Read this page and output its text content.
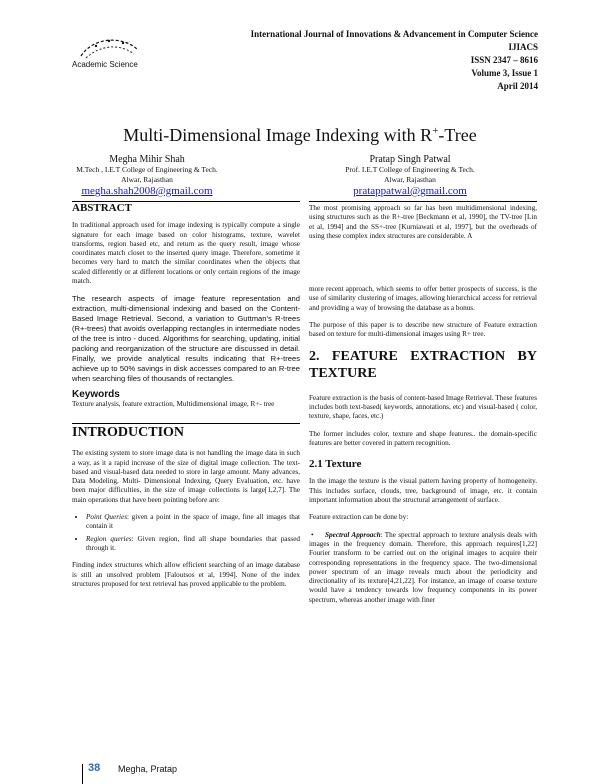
International Journal of Innovations & Advancement in Computer Science
IJIACS
ISSN 2347 – 8616
Volume 3, Issue 1
April 2014
Academic Science
Multi-Dimensional Image Indexing with R+-Tree
Megha Mihir Shah
M.Tech , I.E.T College of Engineering & Tech.
Alwar, Rajasthan
megha.shah2008@gmail.com
Pratap Singh Patwal
Prof. I.E.T College of Engineering & Tech.
Alwar, Rajasthan
pratappatwal@gmail.com
ABSTRACT

In traditional approach used for image indexing is typically compute a single signature for each image based on color histograms, texture, wavelet transforms, region based etc, and return as the query result, image whose coordinates match closet to the inserted query image. Therefore, sometime it becomes very hard to match the similar coordinates when the objects that scaled differently or at different locations or only certain regions of the image match.

The research aspects of image feature representation and extraction, multi-dimensional indexing and based on the Content-Based Image Retrieval. Second, a variation to Guttman's R-trees (R+-trees) that avoids overlapping rectangles in intermediate nodes of the tree is intro - duced. Algorithms for searching, updating, initial packing and reorganization of the structure are discussed in detail. Finally, we provide analytical results indicating that R+-trees achieve up to 50% savings in disk accesses compared to an R-tree when searching files of thousands of rectangles.

Keywords

Texture analysis, feature extraction, Multidimensional image, R+- tree

INTRODUCTION

The existing system to store image data is not handling the image data in such a way, as it a rapid increase of the size of digital image collection. The text-based and visual-based data needed to store in large amount. Many advances, Data Modeling, Multi- Dimensional Indexing, Query Evaluation, etc. have been major difficulties, in the size of image collections is large[1,2,7]. The main operations that have been pointing before are:

• Point Queries: given a point in the space of image, fine all images that contain it
• Region queries: Given region, find all shape boundaries that passed through it.

Finding index structures which allow efficient searching of an image database is still an unsolved problem [Faloutsos et al, 1994]. None of the index structures proposed for text retrieval has proved applicable to the problem.

The most promising approach so far has been multidimensional indexing, using structures such as the R+-tree [Beckmann et al, 1990], the TV-tree [Lin et al, 1994] and the SS+-tree [Kurniawati et al, 1997], but the overheads of using these complex index structures are considerable. A

more recent approach, which seems to offer better prospects of success, is the use of similarity clustering of images, allowing hierarchical access for retrieval and providing a way of browsing the database as a bonus.

The purpose of this paper is to describe new structure of Feature extraction based on texture for multi-dimensional images using R+ tree.

2. FEATURE EXTRACTION BY TEXTURE

Feature extraction is the basis of content-based Image Retrieval. These features includes both text-based( keywords, annotations, etc) and visual-based ( color, texture, shape, faces, etc.)

The former includes color, texture and shape features.. the domain-specific features are better covered in pattern recognition.

2.1 Texture

In the image the texture is the visual pattern having property of homogeneity. This includes surface, clouds, tree, background of image, etc. it contain important information about the structural arrangement of surface.

Feature extraction can be done by:

•     Spectral Approach: The spectral approach to texture analysis deals with images in the frequency domain. Therefore, this approach requires[1,22] Fourier transform to be carried out on the original images to acquire their corresponding representations in the frequency space. The two-dimensional power spectrum of an image reveals much about the periodicity and directionality of its texture[4,21,22]. For instance, an image of coarse texture would have a tendency towards low frequency components in its power spectrum, whereas another image with finer

38 Megha, Pratap
